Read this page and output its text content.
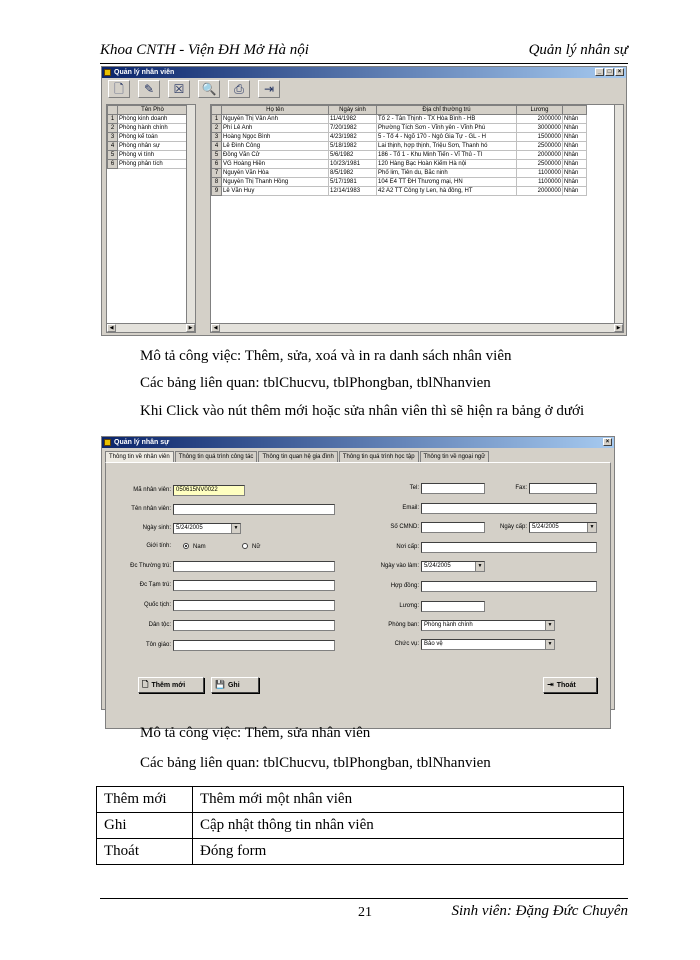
Khoa CNTH - Viện ĐH Mở Hà nội	Quản lý nhân sự
Quản lý nhân viên	_	□	×
🗋	✎	☒	🔍	⎙	⇥
	Tên Phò
1	Phòng kinh doanh
2	Phòng hành chính
3	Phòng kế toán
4	Phòng nhân sự
5	Phòng vi tính
6	Phòng phân tích
◀	▶
	Họ tên	Ngày sinh	Địa chỉ thường trú	Lương	
1	Nguyễn Thị Vân Anh	11/4/1982	Tổ 2 - Tân Thịnh - TX Hòa Bình - HB	2000000	Nhân
2	Phí Lê Anh	7/20/1982	Phường Tích Sơn - Vĩnh yên - Vĩnh Phú	3000000	Nhân
3	Hoàng Ngọc Bình	4/23/1982	5 - Tổ 4 - Ngõ 170 - Ngô Gia Tự - GL - H	1500000	Nhân
4	Lê Đình Công	5/18/1982	Lai thịnh, hợp thịnh, Triệu Sơn, Thanh hó	2500000	Nhân
5	Đồng Văn Cử	5/6/1982	186 - Tổ 1 - Khu Minh Tiến - Vĩ Thủ - TI	2000000	Nhân
6	VG Hoàng Hiền	10/23/1981	120 Hàng Bạc Hoàn Kiếm Hà nội	2500000	Nhân
7	Nguyễn Văn Hòa	8/5/1982	Phố lim, Tiên du, Bắc ninh	1100000	Nhân
8	Nguyễn Thị Thanh Hồng	5/17/1981	104 E4 TT ĐH Thương mại, HN	1100000	Nhân
9	Lê Văn Huy	12/14/1983	42 A2 TT Công ty Len, hà đông, HT	2000000	Nhân
◀	▶
Mô tả công việc: Thêm, sửa, xoá và in ra danh sách nhân viên
Các bảng liên quan: tblChucvu, tblPhongban, tblNhanvien
Khi Click vào nút thêm mới hoặc sửa nhân viên thì sẽ hiện ra bảng ở dưới
Quản lý nhân sự	×
Thông tin về nhân viên	Thông tin quá trình công tác	Thông tin quan hệ gia đình	Thông tin quá trình học tập	Thông tin về ngoại ngữ
Mã nhân viên: 050615NV0022
Tên nhân viên:
Ngày sinh: 5/24/2005	▼
Giới tính:	Nam	Nữ
Đc Thường trú:
Đc Tạm trú:
Quốc tịch:
Dân tộc:
Tôn giáo:
Tel:	Fax:
Email:
Số CMND:	Ngày cấp: 5/24/2005	▼
Nơi cấp:
Ngày vào làm: 5/24/2005	▼
Hợp đồng:
Lương:
Phòng ban: Phòng hành chính	▼
Chức vụ: Bảo vệ	▼
🗋 Thêm mới	💾 Ghi	⇥ Thoát
Mô tả công việc: Thêm, sửa nhân viên
Các bảng liên quan: tblChucvu, tblPhongban, tblNhanvien
Thêm mới	Thêm mới một nhân viên
Ghi	Cập nhật thông tin nhân viên
Thoát	Đóng form
21	Sinh viên: Đặng Đức Chuyên
